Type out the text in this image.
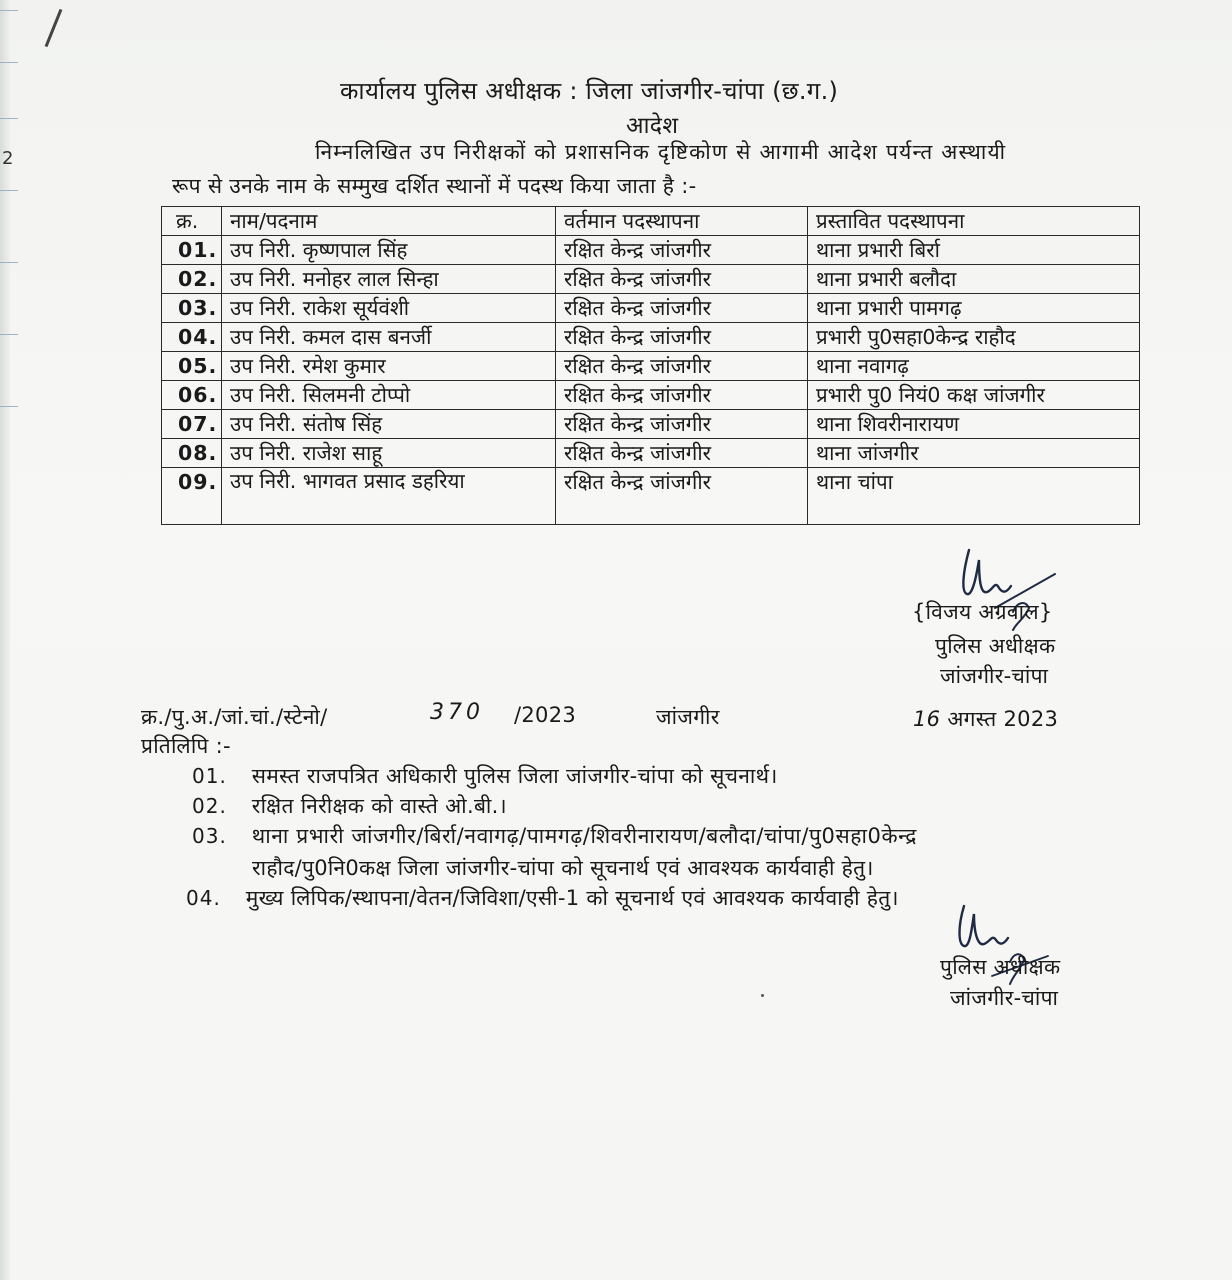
2
कार्यालय पुलिस अधीक्षक : जिला जांजगीर-चांपा (छ.ग.)
आदेश
निम्नलिखित उप निरीक्षकों को प्रशासनिक दृष्टिकोण से आगामी आदेश पर्यन्त अस्थायी
रूप से उनके नाम के सम्मुख दर्शित स्थानों में पदस्थ किया जाता है :-
क्र.	नाम/पदनाम	वर्तमान पदस्थापना	प्रस्तावित पदस्थापना
01.	उप निरी. कृष्णपाल सिंह	रक्षित केन्द्र जांजगीर	थाना प्रभारी बिर्रा
02.	उप निरी. मनोहर लाल सिन्हा	रक्षित केन्द्र जांजगीर	थाना प्रभारी बलौदा
03.	उप निरी. राकेश सूर्यवंशी	रक्षित केन्द्र जांजगीर	थाना प्रभारी पामगढ़
04.	उप निरी. कमल दास बनर्जी	रक्षित केन्द्र जांजगीर	प्रभारी पु0सहा0केन्द्र राहौद
05.	उप निरी. रमेश कुमार	रक्षित केन्द्र जांजगीर	थाना नवागढ़
06.	उप निरी. सिलमनी टोप्पो	रक्षित केन्द्र जांजगीर	प्रभारी पु0 नियं0 कक्ष जांजगीर
07.	उप निरी. संतोष सिंह	रक्षित केन्द्र जांजगीर	थाना शिवरीनारायण
08.	उप निरी. राजेश साहू	रक्षित केन्द्र जांजगीर	थाना जांजगीर
09.	उप निरी. भागवत प्रसाद डहरिया	रक्षित केन्द्र जांजगीर	थाना चांपा
{विजय अग्रवाल}
पुलिस अधीक्षक
जांजगीर-चांपा
क्र./पु.अ./जां.चां./स्टेनो/	370 /2023	जांजगीर	16 अगस्त 2023
प्रतिलिपि :-
01. समस्त राजपत्रित अधिकारी पुलिस जिला जांजगीर-चांपा को सूचनार्थ।
02. रक्षित निरीक्षक को वास्ते ओ.बी.।
03. थाना प्रभारी जांजगीर/बिर्रा/नवागढ़/पामगढ़/शिवरीनारायण/बलौदा/चांपा/पु0सहा0केन्द्र
राहौद/पु0नि0कक्ष जिला जांजगीर-चांपा को सूचनार्थ एवं आवश्यक कार्यवाही हेतु।
04. मुख्य लिपिक/स्थापना/वेतन/जिविशा/एसी-1 को सूचनार्थ एवं आवश्यक कार्यवाही हेतु।
पुलिस अधीक्षक
जांजगीर-चांपा
